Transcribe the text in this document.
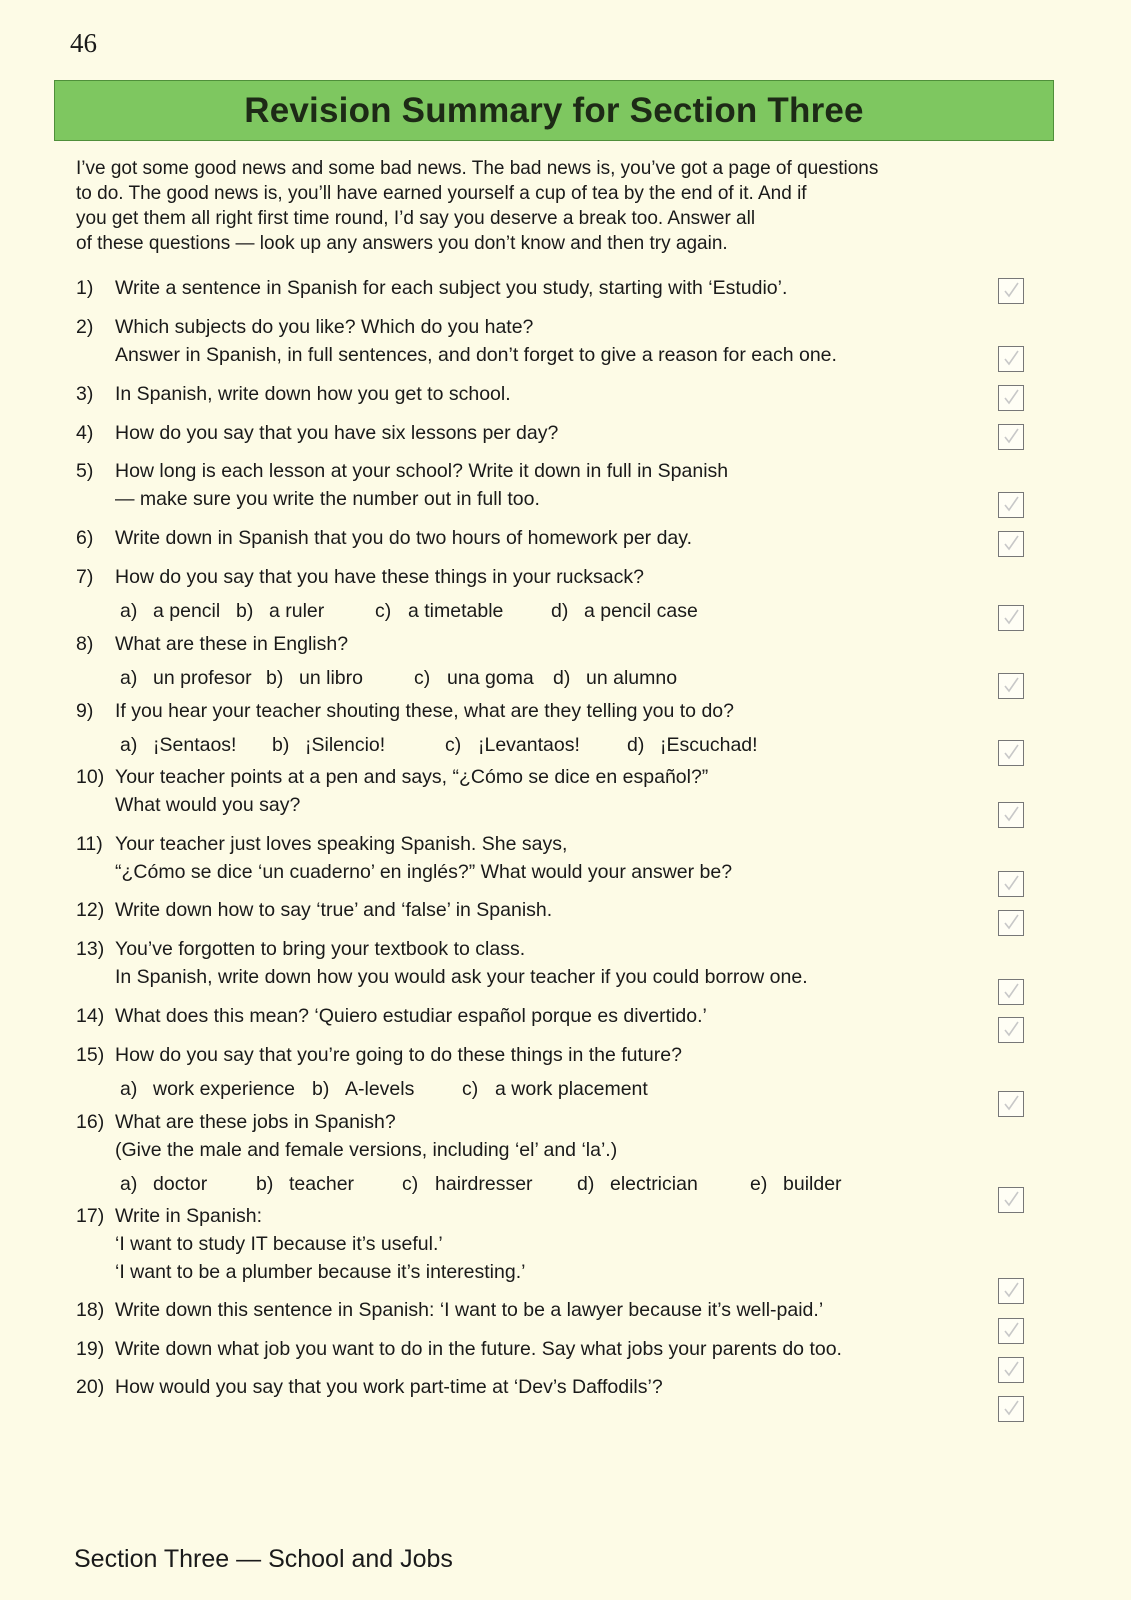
46
Revision Summary for Section Three

I’ve got some good news and some bad news. The bad news is, you’ve got a page of questions
to do. The good news is, you’ll have earned yourself a cup of tea by the end of it. And if
you get them all right first time round, I’d say you deserve a break too. Answer all
of these questions — look up any answers you don’t know and then try again.

1)	Write a sentence in Spanish for each subject you study, starting with ‘Estudio’.
2)	Which subjects do you like? Which do you hate?
Answer in Spanish, in full sentences, and don’t forget to give a reason for each one.
3)	In Spanish, write down how you get to school.
4)	How do you say that you have six lessons per day?
5)	How long is each lesson at your school? Write it down in full in Spanish
— make sure you write the number out in full too.
6)	Write down in Spanish that you do two hours of homework per day.
7)	How do you say that you have these things in your rucksack?
a) a pencil b) a ruler	c) a timetable d) a pencil case
8)	What are these in English?
a) un profesor b) un libro	c) una goma d) un alumno
9)	If you hear your teacher shouting these, what are they telling you to do?
a) ¡Sentaos! b) ¡Silencio!	c) ¡Levantaos! d) ¡Escuchad!
10) Your teacher points at a pen and says, “¿Cómo se dice en español?”
What would you say?
11) Your teacher just loves speaking Spanish. She says,
“¿Cómo se dice ‘un cuaderno’ en inglés?” What would your answer be?
12) Write down how to say ‘true’ and ‘false’ in Spanish.
13) You’ve forgotten to bring your textbook to class.
In Spanish, write down how you would ask your teacher if you could borrow one.
14) What does this mean? ‘Quiero estudiar español porque es divertido.’
15) How do you say that you’re going to do these things in the future?
a) work experience b) A-levels c) a work placement
16) What are these jobs in Spanish?
(Give the male and female versions, including ‘el’ and ‘la’.)
a) doctor	b) teacher c) hairdresser d) electrician	e) builder
17) Write in Spanish:
‘I want to study IT because it’s useful.’
‘I want to be a plumber because it’s interesting.’
18) Write down this sentence in Spanish: ‘I want to be a lawyer because it’s well-paid.’
19) Write down what job you want to do in the future. Say what jobs your parents do too.
20) How would you say that you work part-time at ‘Dev’s Daffodils’?
Section Three — School and Jobs
